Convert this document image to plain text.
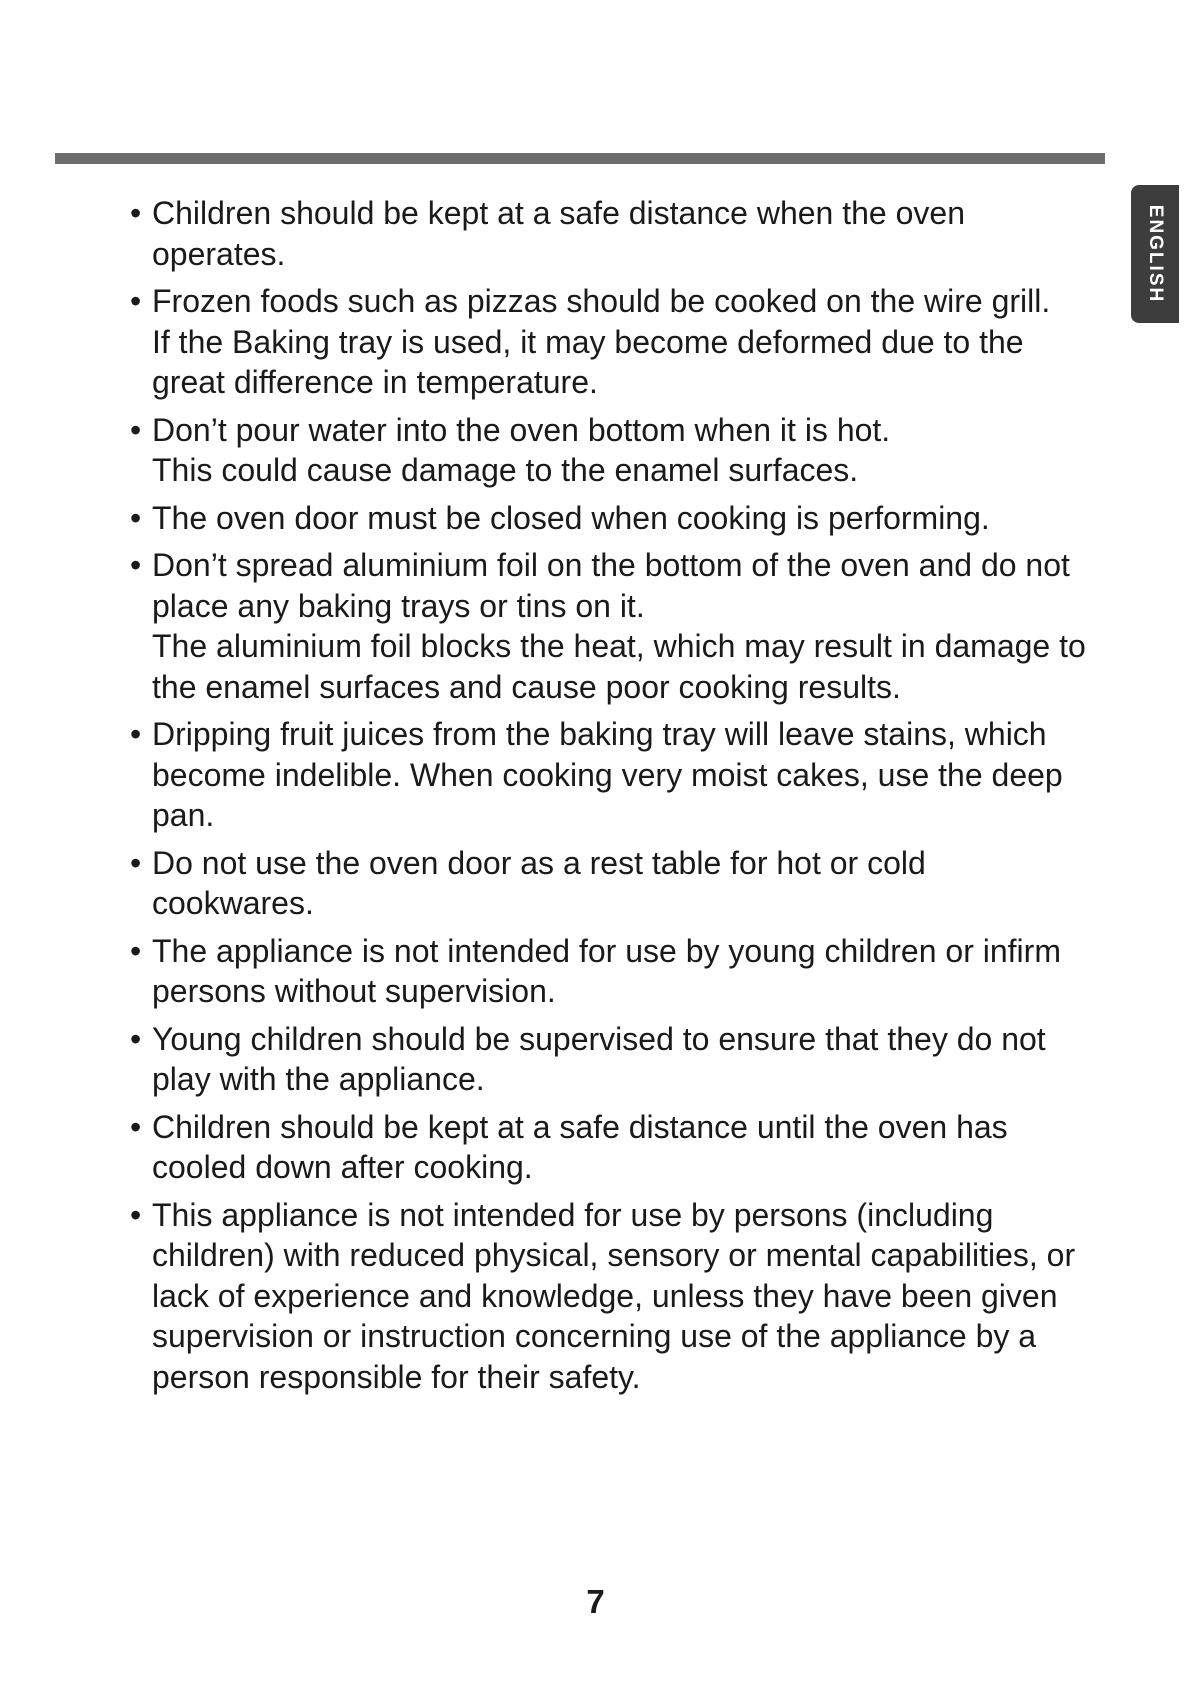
ENGLISH
• Children should be kept at a safe distance when the oven
operates.
• Frozen foods such as pizzas should be cooked on the wire grill.
If the Baking tray is used, it may become deformed due to the
great difference in temperature.
• Don’t pour water into the oven bottom when it is hot.
This could cause damage to the enamel surfaces.
• The oven door must be closed when cooking is performing.
• Don’t spread aluminium foil on the bottom of the oven and do not
place any baking trays or tins on it.
The aluminium foil blocks the heat, which may result in damage to
the enamel surfaces and cause poor cooking results.
• Dripping fruit juices from the baking tray will leave stains, which
become indelible. When cooking very moist cakes, use the deep
pan.
• Do not use the oven door as a rest table for hot or cold
cookwares.
• The appliance is not intended for use by young children or infirm
persons without supervision.
• Young children should be supervised to ensure that they do not
play with the appliance.
• Children should be kept at a safe distance until the oven has
cooled down after cooking.
• This appliance is not intended for use by persons (including
children) with reduced physical, sensory or mental capabilities, or
lack of experience and knowledge, unless they have been given
supervision or instruction concerning use of the appliance by a
person responsible for their safety.
7
